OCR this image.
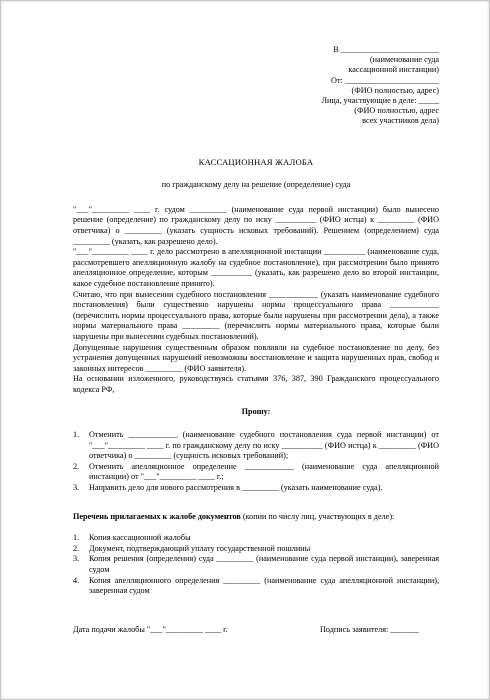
В ________________________
(наименование суда
кассационной инстанции)
От: _______________________
(ФИО полностью, адрес)
Лица, участвующие в деле: _____
(ФИО полностью, адрес
всех участников дела)
КАССАЦИОННАЯ ЖАЛОБА
по гражданскому делу на решение (определение) суда

"___"_________ ____ г. судом _________ (наименование суда первой инстанции) было вынесено решение (определение) по гражданскому делу по иску __________ (ФИО истца) к _________ (ФИО ответчика) о _________ (указать сущность исковых требований). Решением (определением) суда _________ (указать, как разрешено дело).

"___"_________ ____ г. дело рассмотрено в апелляционной инстанции __________ (наименование суда, рассмотревшего апелляционную жалобу на судебное постановление), при рассмотрении было принято апелляционное определение, которым __________ (указать, как разрешено дело во второй инстанции, какое судебное постановление принято).

Считаю, что при вынесении судебного постановления ____________ (указать наименование судебного постановления) были существенно нарушены нормы процессуального права ____________ (перечислить нормы процессуального права, которые были нарушены при рассмотрении дела), а также нормы материального права _________ (перечислить нормы материального права, которые были нарушены при вынесении судебных постановлений).

Допущенные нарушения существенным образом повлияли на судебное постановление по делу, без устранения допущенных нарушений невозможны восстановление и защита нарушенных прав, свобод и законных интересов _________ (ФИО заявителя).

На основании изложенного, руководствуясь статьями 376, 387, 390 Гражданского процессуального кодекса РФ,

Прошу:
1.	Отменить ____________ (наименование судебного постановления суда первой инстанции) от "___"_________ ____ г. по гражданскому делу по иску __________ (ФИО истца) к _________ (ФИО ответчика) о _________ (сущность исковых требований);
2.	Отменить апелляционное определение ____________ (наименование суда апелляционной инстанции) от "___"_________ ____ г.;
3.	Направить дело для нового рассмотрения в _________ (указать наименование суда).
Перечень прилагаемых к жалобе документов (копии по числу лиц, участвующих в деле):
1.	Копия кассационной жалобы
2.	Документ, подтверждающий уплату государственной пошлины
3.	Копия решения (определения) суда _________ (наименование суда первой инстанции), заверенная судом
4.	Копия апелляционного определения _________ (наименование суда апелляционной инстанции), заверенная судом
Дата подачи жалобы "___"_________ ____ г.	Подпись заявителя: _______
